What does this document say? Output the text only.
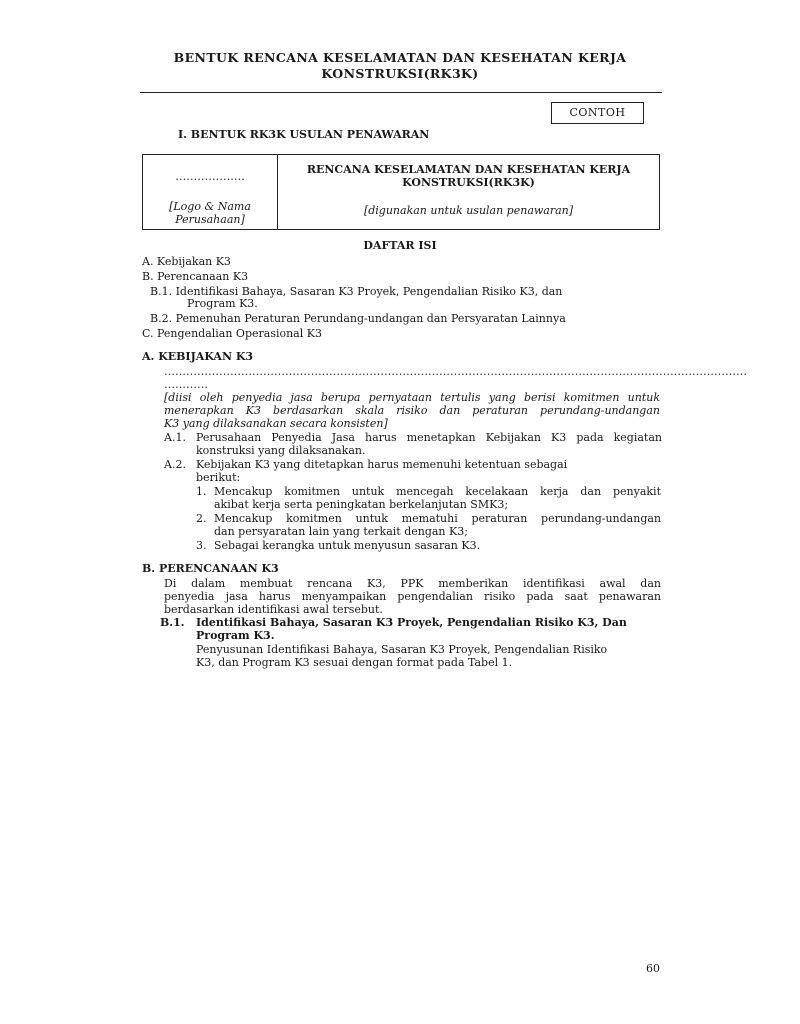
BENTUK RENCANA KESELAMATAN DAN KESEHATAN KERJA
KONSTRUKSI(RK3K)
CONTOH
I. BENTUK RK3K USULAN PENAWARAN
……………….
[Logo & Nama
Perusahaan]
RENCANA KESELAMATAN DAN KESEHATAN KERJA
KONSTRUKSI(RK3K)
[digunakan untuk usulan penawaran]
DAFTAR ISI
A. Kebijakan K3
B. Perencanaan K3
B.1. Identifikasi Bahaya, Sasaran K3 Proyek, Pengendalian Risiko K3, dan
Program K3.
B.2. Pemenuhan Peraturan Perundang-undangan dan Persyaratan Lainnya
C. Pengendalian Operasional K3
A. KEBIJAKAN K3
……………………………………………………………………………………………………………………………………………
…………
[diisi oleh penyedia jasa berupa pernyataan tertulis yang berisi komitmen untuk
menerapkan K3 berdasarkan skala risiko dan peraturan perundang-undangan
K3 yang dilaksanakan secara konsisten]
A.1. Perusahaan Penyedia Jasa harus menetapkan Kebijakan K3 pada kegiatan
konstruksi yang dilaksanakan.
A.2. Kebijakan K3 yang ditetapkan harus memenuhi ketentuan sebagai
berikut:
1. Mencakup komitmen untuk mencegah kecelakaan kerja dan penyakit
akibat kerja serta peningkatan berkelanjutan SMK3;
2. Mencakup komitmen untuk mematuhi peraturan perundang-undangan
dan persyaratan lain yang terkait dengan K3;
3. Sebagai kerangka untuk menyusun sasaran K3.
B. PERENCANAAN K3
Di dalam membuat rencana K3, PPK memberikan identifikasi awal dan
penyedia jasa harus menyampaikan pengendalian risiko pada saat penawaran
berdasarkan identifikasi awal tersebut.
B.1. Identifikasi Bahaya, Sasaran K3 Proyek, Pengendalian Risiko K3, Dan
Program K3.
Penyusunan Identifikasi Bahaya, Sasaran K3 Proyek, Pengendalian Risiko
K3, dan Program K3 sesuai dengan format pada Tabel 1.
60
